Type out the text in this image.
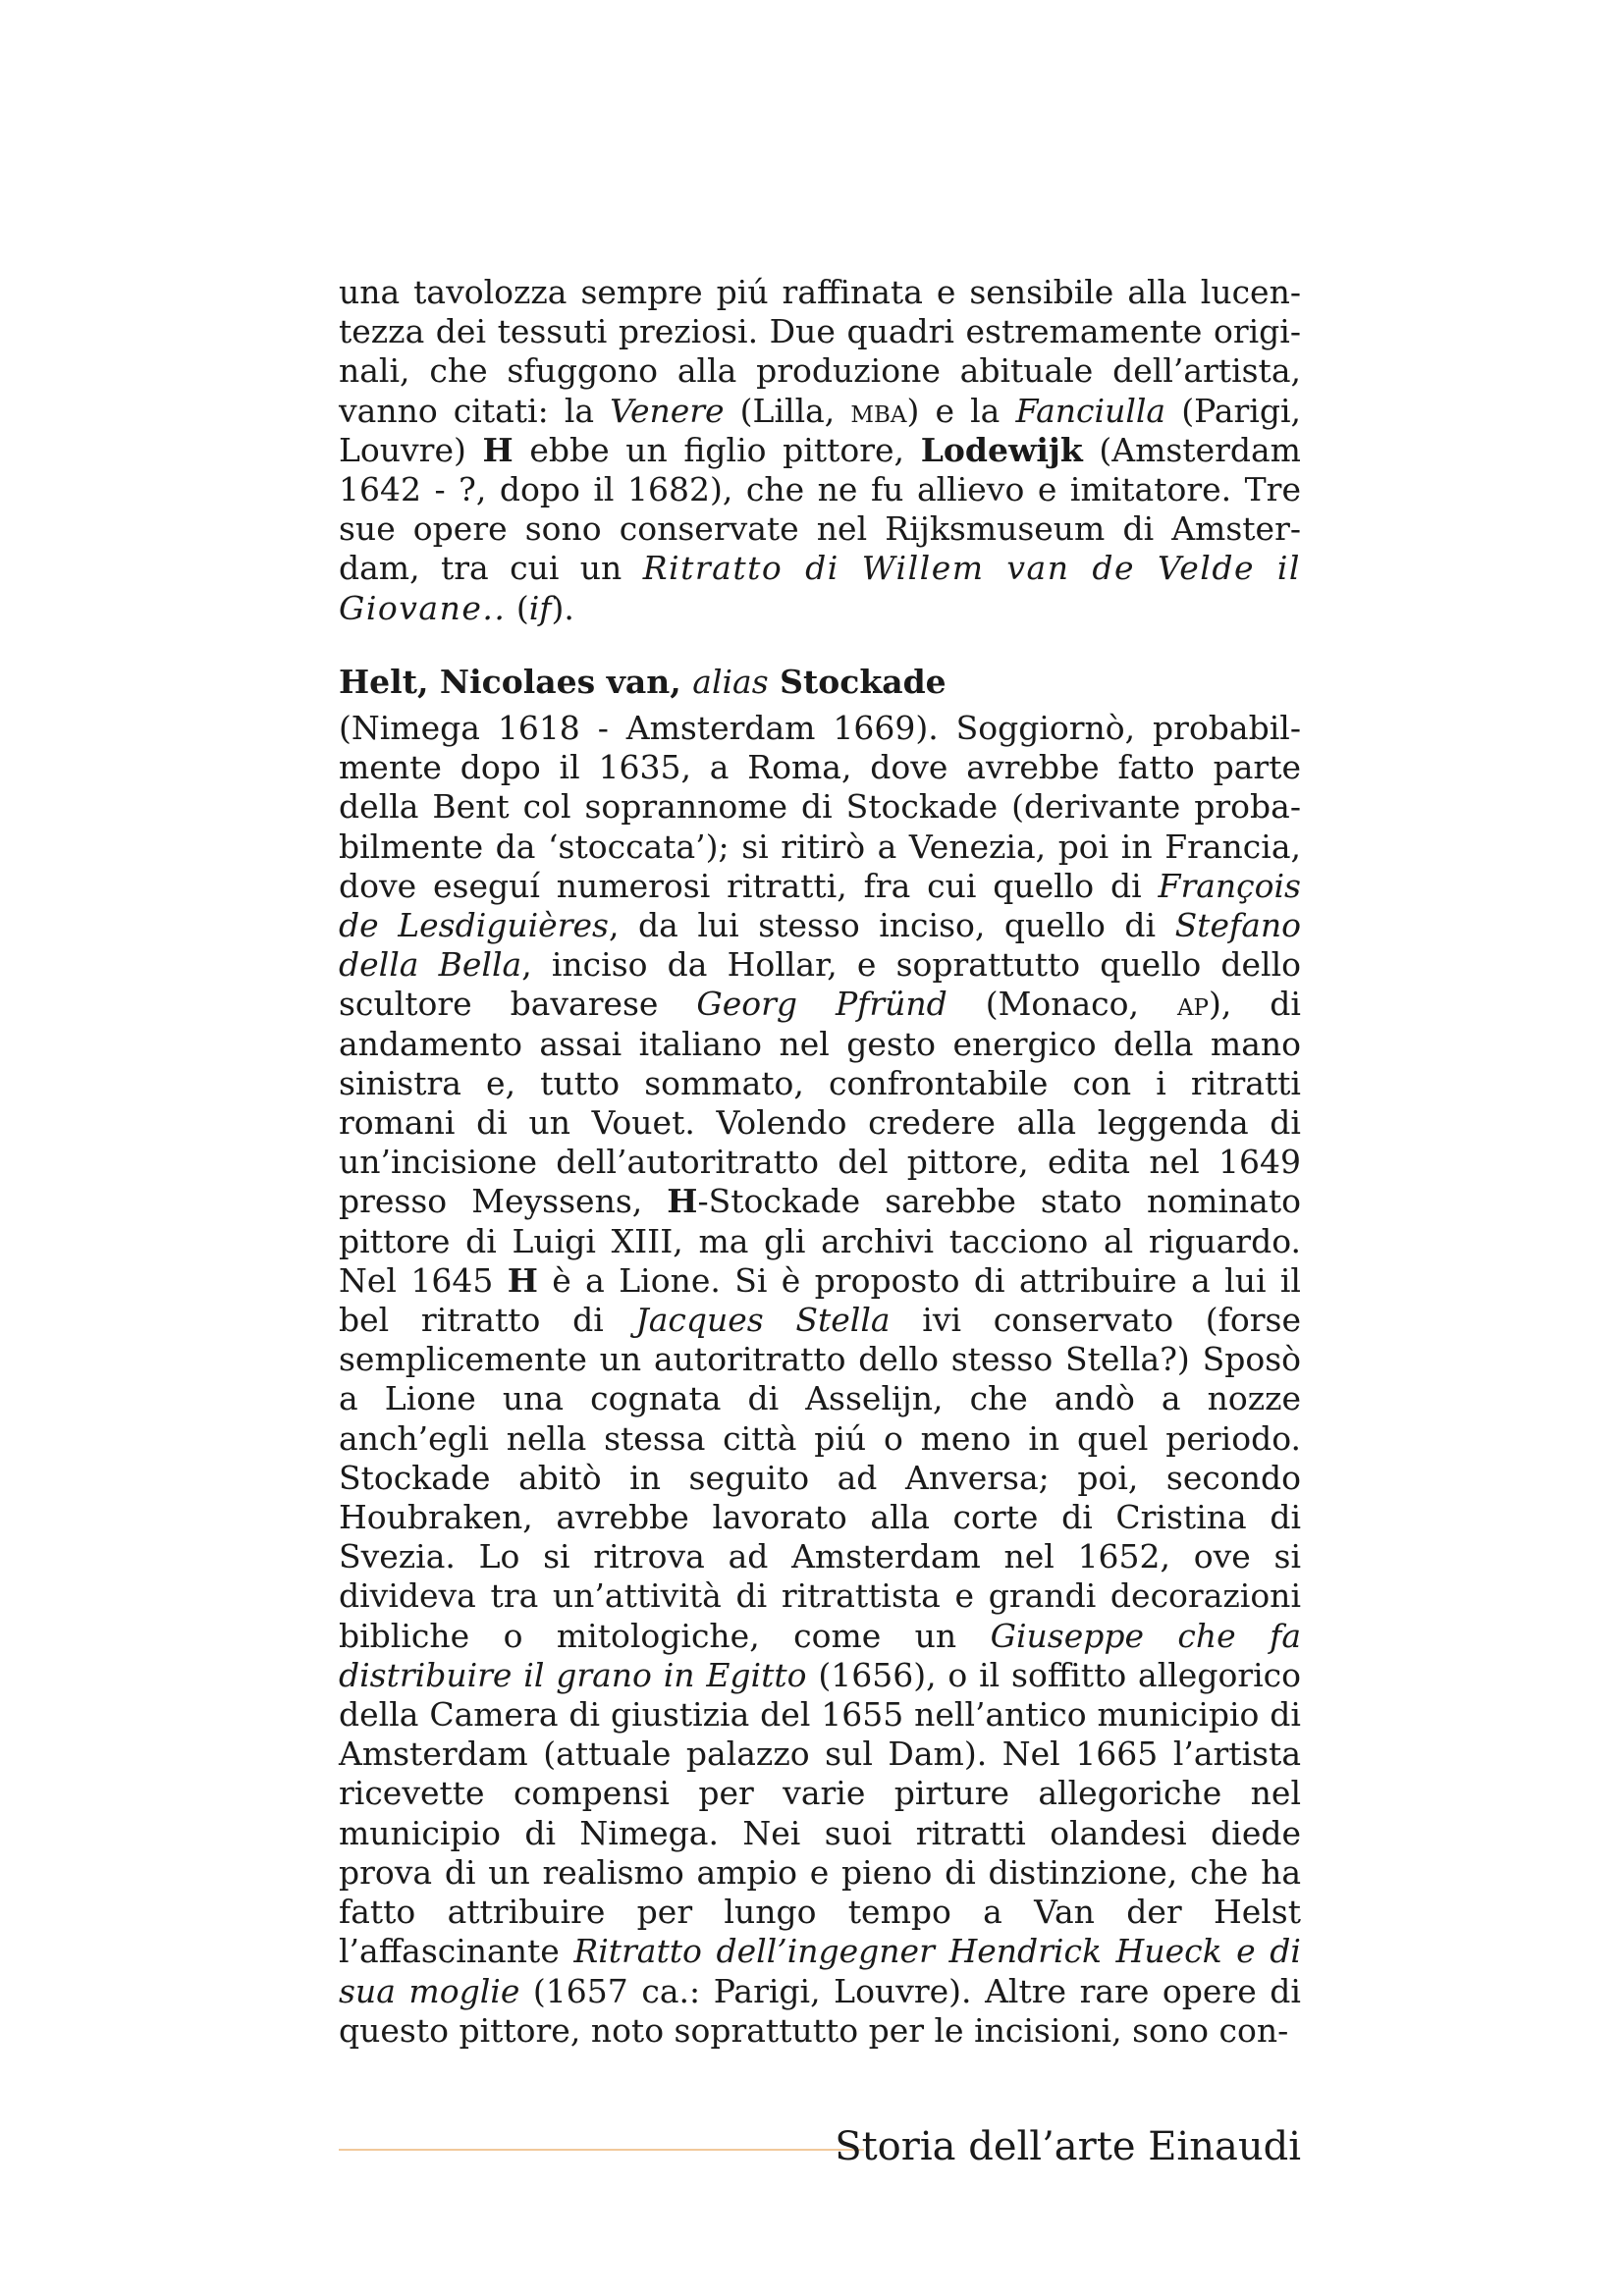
una tavolozza sempre piú raffinata e sensibile alla lucentezza dei tessuti preziosi. Due quadri estremamente originali, che sfuggono alla produzione abituale dell’artista, vanno citati: la Venere (Lilla, mba) e la Fanciulla (Parigi, Louvre) H ebbe un figlio pittore, Lodewijk (Amsterdam 1642 - ?, dopo il 1682), che ne fu allievo e imitatore. Tre sue opere sono conservate nel Rijksmuseum di Amsterdam, tra cui un Ritratto di Willem van de Velde il Giovane.. (if).
Helt, Nicolaes van, alias Stockade
(Nimega 1618 - Amsterdam 1669). Soggiornò, probabilmente dopo il 1635, a Roma, dove avrebbe fatto parte della Bent col soprannome di Stockade (derivante probabilmente da ‘stoccata’); si ritirò a Venezia, poi in Francia, dove eseguí numerosi ritratti, fra cui quello di François de Lesdiguières, da lui stesso inciso, quello di Stefano della Bella, inciso da Hollar, e soprattutto quello dello scultore bavarese Georg Pfründ (Monaco, ap), di andamento assai italiano nel gesto energico della mano sinistra e, tutto sommato, confrontabile con i ritratti romani di un Vouet. Volendo credere alla leggenda di un’incisione dell’autoritratto del pittore, edita nel 1649 presso Meyssens, H-Stockade sarebbe stato nominato pittore di Luigi XIII, ma gli archivi tacciono al riguardo. Nel 1645 H è a Lione. Si è proposto di attribuire a lui il bel ritratto di Jacques Stella ivi conservato (forse semplicemente un autoritratto dello stesso Stella?) Sposò a Lione una cognata di Asselijn, che andò a nozze anch’egli nella stessa città piú o meno in quel periodo. Stockade abitò in seguito ad Anversa; poi, secondo Houbraken, avrebbe lavorato alla corte di Cristina di Svezia. Lo si ritrova ad Amsterdam nel 1652, ove si divideva tra un’attività di ritrattista e grandi decorazioni bibliche o mitologiche, come un Giuseppe che fa distribuire il grano in Egitto (1656), o il soffitto allegorico della Camera di giustizia del 1655 nell’antico municipio di Amsterdam (attuale palazzo sul Dam). Nel 1665 l’artista ricevette compensi per varie pirture allegoriche nel municipio di Nimega. Nei suoi ritratti olandesi diede prova di un realismo ampio e pieno di distinzione, che ha fatto attribuire per lungo tempo a Van der Helst l’affascinante Ritratto dell’ingegner Hendrick Hueck e di sua moglie (1657 ca.: Parigi, Louvre). Altre rare opere di questo pittore, noto soprattutto per le incisioni, sono con-
Storia dell’arte Einaudi
